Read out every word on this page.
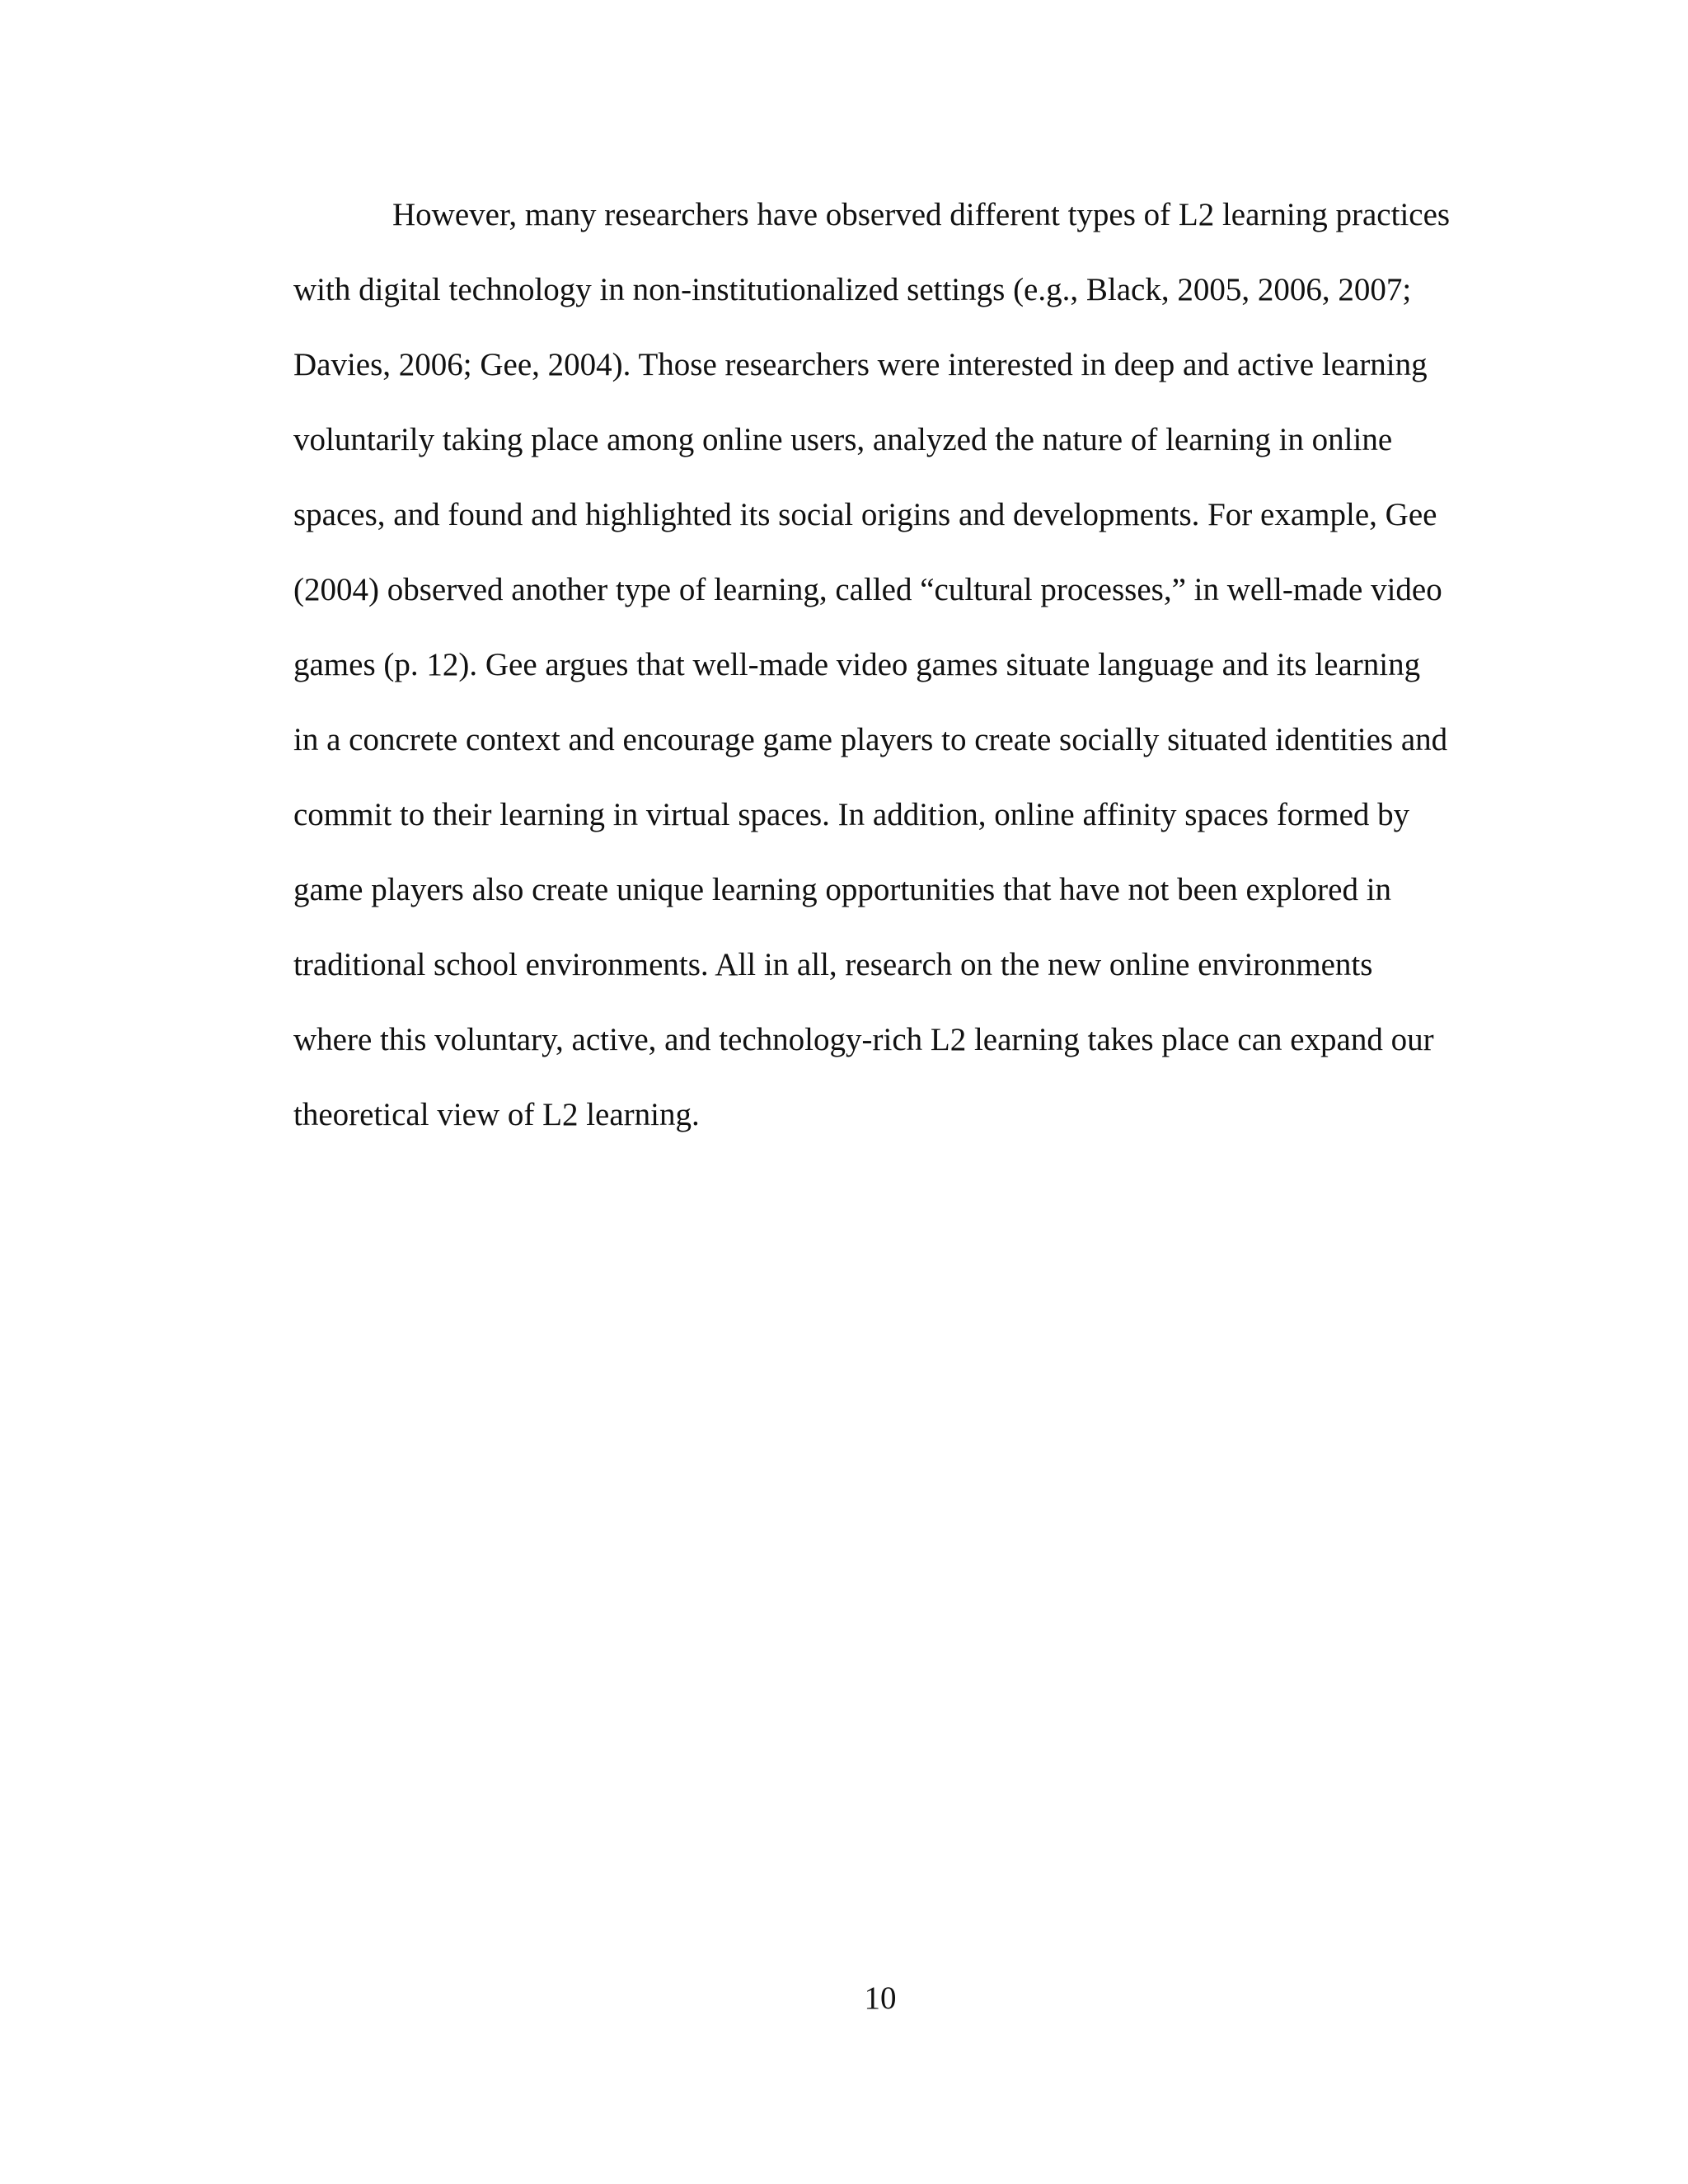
However, many researchers have observed different types of L2 learning practices
with digital technology in non-institutionalized settings (e.g., Black, 2005, 2006, 2007;
Davies, 2006; Gee, 2004). Those researchers were interested in deep and active learning
voluntarily taking place among online users, analyzed the nature of learning in online
spaces, and found and highlighted its social origins and developments. For example, Gee
(2004) observed another type of learning, called “cultural processes,” in well-made video
games (p. 12). Gee argues that well-made video games situate language and its learning
in a concrete context and encourage game players to create socially situated identities and
commit to their learning in virtual spaces. In addition, online affinity spaces formed by
game players also create unique learning opportunities that have not been explored in
traditional school environments. All in all, research on the new online environments
where this voluntary, active, and technology-rich L2 learning takes place can expand our
theoretical view of L2 learning.
10
